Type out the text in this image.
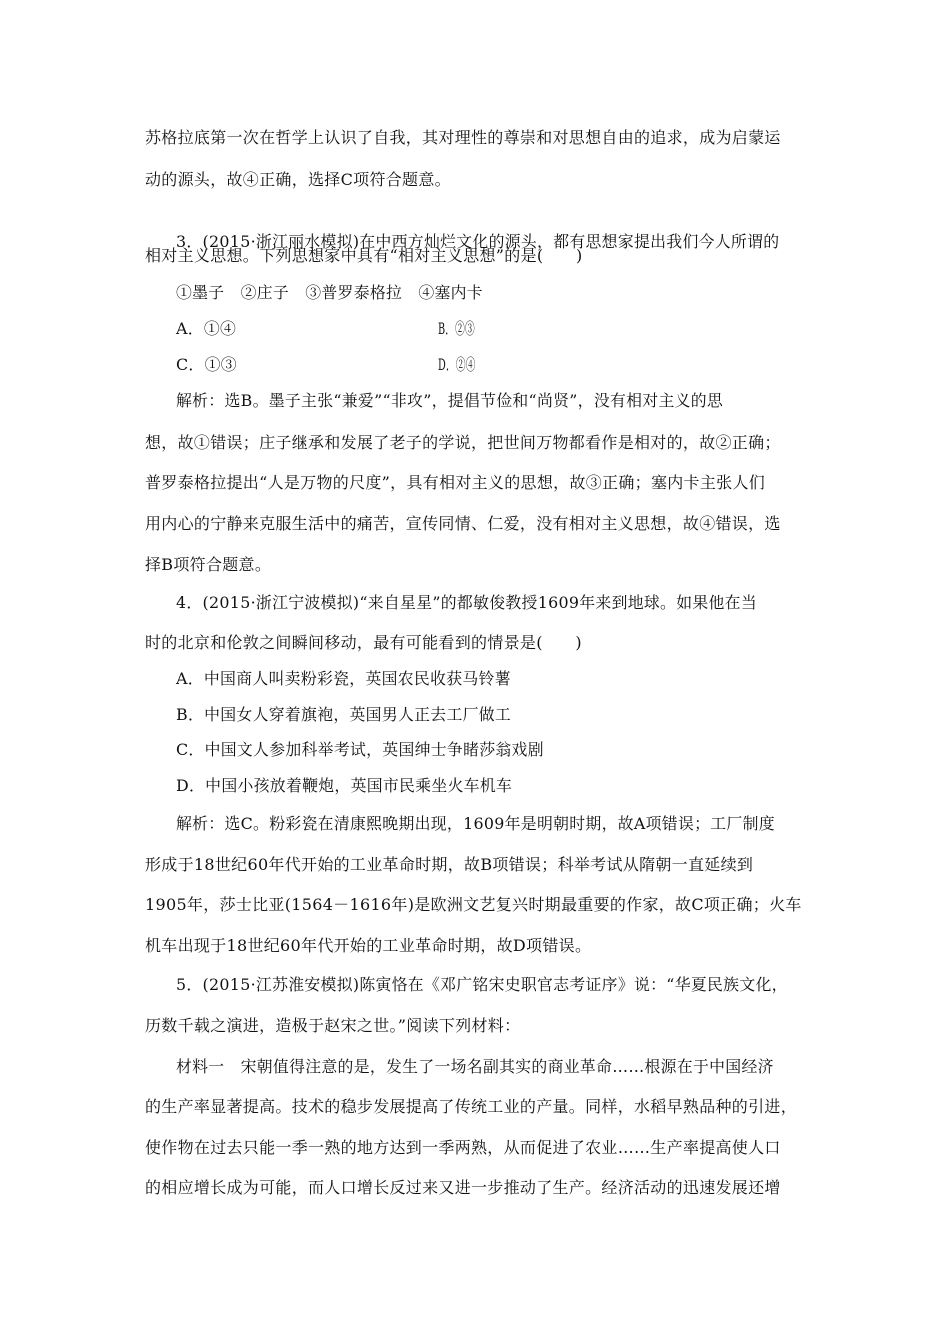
苏格拉底第一次在哲学上认识了自我，其对理性的尊崇和对思想自由的追求，成为启蒙运
动的源头，故④正确，选择C项符合题意。
3．(2015·浙江丽水模拟)在中西方灿烂文化的源头，都有思想家提出我们今人所谓的
相对主义思想。下列思想家中具有“相对主义思想”的是(　　)
①墨子　②庄子　③普罗泰格拉　④塞内卡
A．①④	B．②③
C．①③	D．②④
解析：选B。墨子主张“兼爱”“非攻”，提倡节俭和“尚贤”，没有相对主义的思
想，故①错误；庄子继承和发展了老子的学说，把世间万物都看作是相对的，故②正确；
普罗泰格拉提出“人是万物的尺度”，具有相对主义的思想，故③正确；塞内卡主张人们
用内心的宁静来克服生活中的痛苦，宣传同情、仁爱，没有相对主义思想，故④错误，选
择B项符合题意。
4．(2015·浙江宁波模拟)“来自星星”的都敏俊教授1609年来到地球。如果他在当
时的北京和伦敦之间瞬间移动，最有可能看到的情景是(　　)
A．中国商人叫卖粉彩瓷，英国农民收获马铃薯
B．中国女人穿着旗袍，英国男人正去工厂做工
C．中国文人参加科举考试，英国绅士争睹莎翁戏剧
D．中国小孩放着鞭炮，英国市民乘坐火车机车
解析：选C。粉彩瓷在清康熙晚期出现，1609年是明朝时期，故A项错误；工厂制度
形成于18世纪60年代开始的工业革命时期，故B项错误；科举考试从隋朝一直延续到
1905年，莎士比亚(1564－1616年)是欧洲文艺复兴时期最重要的作家，故C项正确；火车
机车出现于18世纪60年代开始的工业革命时期，故D项错误。
5．(2015·江苏淮安模拟)陈寅恪在《邓广铭宋史职官志考证序》说：“华夏民族文化，
历数千载之演进，造极于赵宋之世。”阅读下列材料：
材料一　宋朝值得注意的是，发生了一场名副其实的商业革命……根源在于中国经济
的生产率显著提高。技术的稳步发展提高了传统工业的产量。同样，水稻早熟品种的引进，
使作物在过去只能一季一熟的地方达到一季两熟，从而促进了农业……生产率提高使人口
的相应增长成为可能，而人口增长反过来又进一步推动了生产。经济活动的迅速发展还增
